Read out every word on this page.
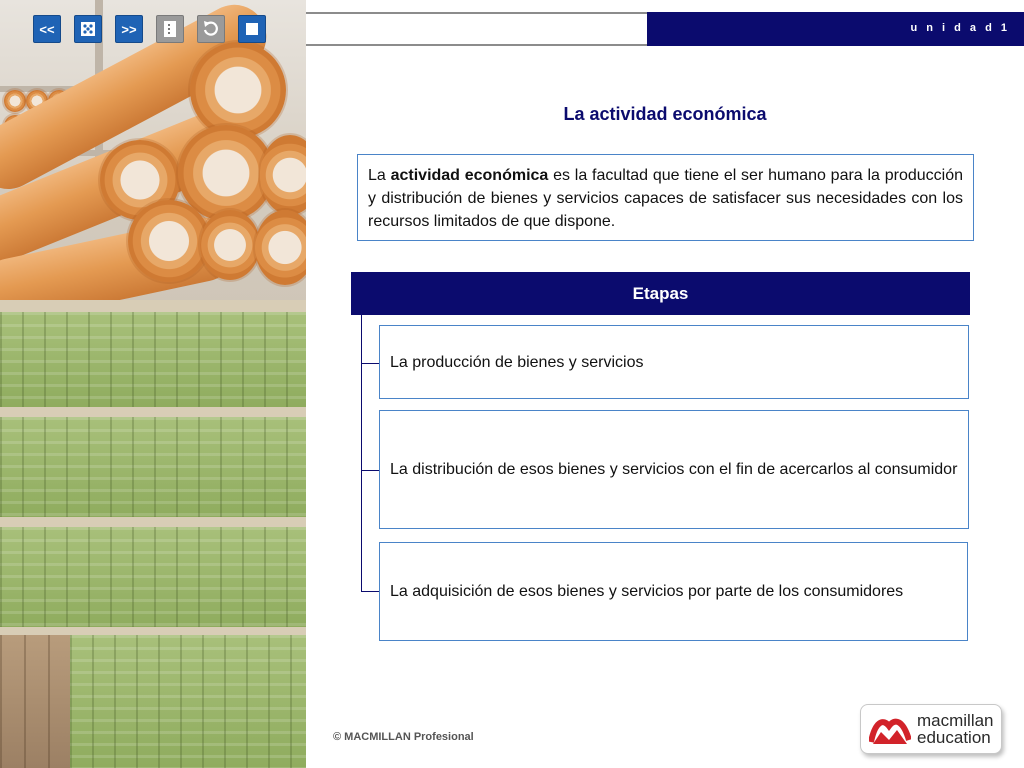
<<	>>	u n i d a d 1
La actividad económica
La actividad económica es la facultad que tiene el ser humano para la producción y distribución de bienes y servicios capaces de satisfacer sus necesidades con los recursos limitados de que dispone.
Etapas
La producción de bienes y servicios
La distribución de esos bienes y servicios con el fin de acercarlos al consumidor
La adquisición de esos bienes y servicios por parte de los consumidores
© MACMILLAN Profesional
macmillan
education
